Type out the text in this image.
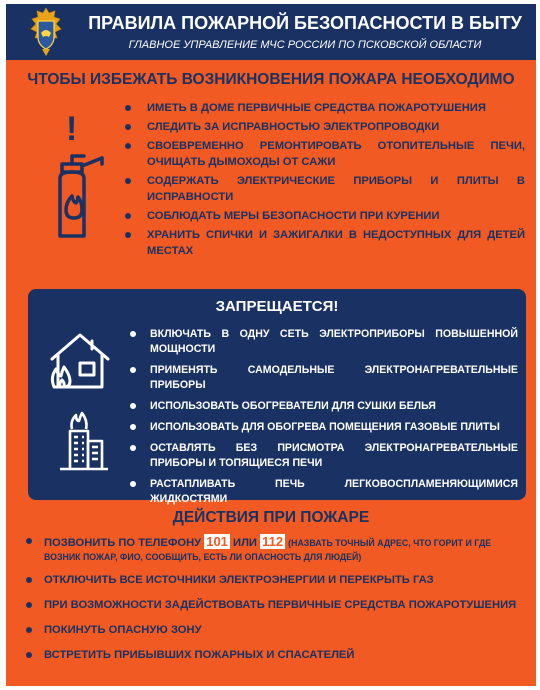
ПРАВИЛА ПОЖАРНОЙ БЕЗОПАСНОСТИ В БЫТУ
ГЛАВНОЕ УПРАВЛЕНИЕ МЧС РОССИИ ПО ПСКОВСКОЙ ОБЛАСТИ
ЧТОБЫ ИЗБЕЖАТЬ ВОЗНИКНОВЕНИЯ ПОЖАРА НЕОБХОДИМО
!
ИМЕТЬ В ДОМЕ ПЕРВИЧНЫЕ СРЕДСТВА ПОЖАРОТУШЕНИЯ
СЛЕДИТЬ ЗА ИСПРАВНОСТЬЮ ЭЛЕКТРОПРОВОДКИ
СВОЕВРЕМЕННО РЕМОНТИРОВАТЬ ОТОПИТЕЛЬНЫЕ ПЕЧИ, ОЧИЩАТЬ ДЫМОХОДЫ ОТ САЖИ
СОДЕРЖАТЬ ЭЛЕКТРИЧЕСКИЕ ПРИБОРЫ И ПЛИТЫ В ИСПРАВНОСТИ
СОБЛЮДАТЬ МЕРЫ БЕЗОПАСНОСТИ ПРИ КУРЕНИИ
ХРАНИТЬ СПИЧКИ И ЗАЖИГАЛКИ В НЕДОСТУПНЫХ ДЛЯ ДЕТЕЙ МЕСТАХ
ЗАПРЕЩАЕТСЯ!
ВКЛЮЧАТЬ В ОДНУ СЕТЬ ЭЛЕКТРОПРИБОРЫ ПОВЫШЕННОЙ МОЩНОСТИ
ПРИМЕНЯТЬ САМОДЕЛЬНЫЕ ЭЛЕКТРОНАГРЕВАТЕЛЬНЫЕ ПРИБОРЫ
ИСПОЛЬЗОВАТЬ ОБОГРЕВАТЕЛИ ДЛЯ СУШКИ БЕЛЬЯ
ИСПОЛЬЗОВАТЬ ДЛЯ ОБОГРЕВА ПОМЕЩЕНИЯ ГАЗОВЫЕ ПЛИТЫ
ОСТАВЛЯТЬ БЕЗ ПРИСМОТРА ЭЛЕКТРОНАГРЕВАТЕЛЬНЫЕ ПРИБОРЫ И ТОПЯЩИЕСЯ ПЕЧИ
РАСТАПЛИВАТЬ ПЕЧЬ ЛЕГКОВОСПЛАМЕНЯЮЩИМИСЯ ЖИДКОСТЯМИ
ДЕЙСТВИЯ ПРИ ПОЖАРЕ
ПОЗВОНИТЬ ПО ТЕЛЕФОНУ 101 ИЛИ 112 (НАЗВАТЬ ТОЧНЫЙ АДРЕС, ЧТО ГОРИТ И ГДЕ
ВОЗНИК ПОЖАР, ФИО, СООБЩИТЬ, ЕСТЬ ЛИ ОПАСНОСТЬ ДЛЯ ЛЮДЕЙ)
ОТКЛЮЧИТЬ ВСЕ ИСТОЧНИКИ ЭЛЕКТРОЭНЕРГИИ И ПЕРЕКРЫТЬ ГАЗ
ПРИ ВОЗМОЖНОСТИ ЗАДЕЙСТВОВАТЬ ПЕРВИЧНЫЕ СРЕДСТВА ПОЖАРОТУШЕНИЯ
ПОКИНУТЬ ОПАСНУЮ ЗОНУ
ВСТРЕТИТЬ ПРИБЫВШИХ ПОЖАРНЫХ И СПАСАТЕЛЕЙ
